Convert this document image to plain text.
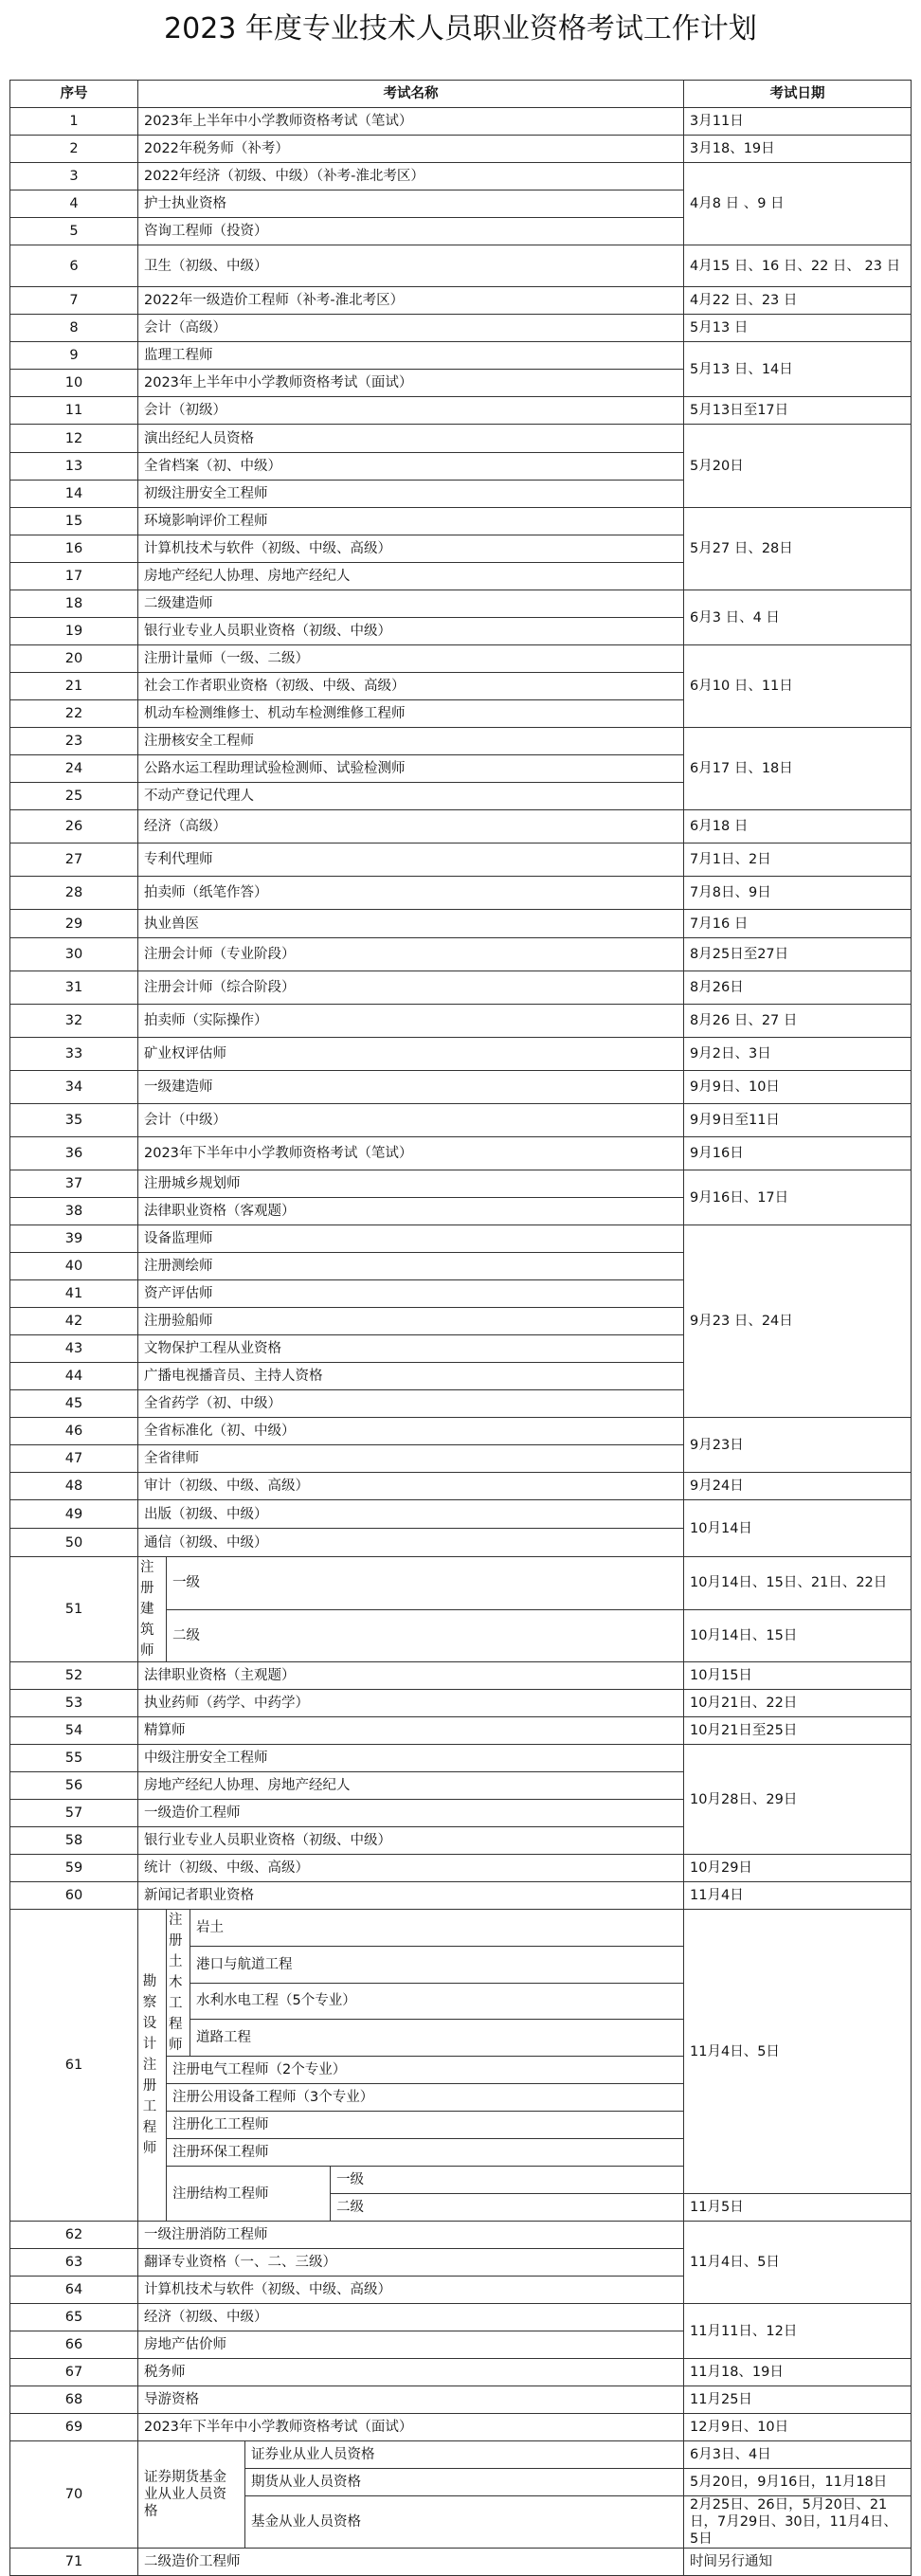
2023 年度专业技术人员职业资格考试工作计划
序号	考试名称					考试日期
1	2023年上半年中小学教师资格考试（笔试）					3月11日
2	2022年税务师（补考）					3月18、19日
3	2022年经济（初级、中级）（补考-淮北考区）					4月8 日 、9 日
4	护士执业资格					
5	咨询工程师（投资）					
6	卫生（初级、中级）					4月15 日、16 日、22 日、 23 日
7	2022年一级造价工程师（补考-淮北考区）					4月22 日、23 日
8	会计（高级）					5月13 日
9	监理工程师					5月13 日、14日
10	2023年上半年中小学教师资格考试（面试）					
11	会计（初级）					5月13日至17日
12	演出经纪人员资格					5月20日
13	全省档案（初、中级）					
14	初级注册安全工程师					
15	环境影响评价工程师					5月27 日、28日
16	计算机技术与软件（初级、中级、高级）					
17	房地产经纪人协理、房地产经纪人					
18	二级建造师					6月3 日、4 日
19	银行业专业人员职业资格（初级、中级）					
20	注册计量师（一级、二级）					6月10 日、11日
21	社会工作者职业资格（初级、中级、高级）					
22	机动车检测维修士、机动车检测维修工程师					
23	注册核安全工程师					6月17 日、18日
24	公路水运工程助理试验检测师、试验检测师					
25	不动产登记代理人					
26	经济（高级）					6月18 日
27	专利代理师					7月1日、2日
28	拍卖师（纸笔作答）					7月8日、9日
29	执业兽医					7月16 日
30	注册会计师（专业阶段）					8月25日至27日
31	注册会计师（综合阶段）					8月26日
32	拍卖师（实际操作）					8月26 日、27 日
33	矿业权评估师					9月2日、3日
34	一级建造师					9月9日、10日
35	会计（中级）					9月9日至11日
36	2023年下半年中小学教师资格考试（笔试）					9月16日
37	注册城乡规划师					9月16日、17日
38	法律职业资格（客观题）					
39	设备监理师					9月23 日、24日
40	注册测绘师					
41	资产评估师					
42	注册验船师					
43	文物保护工程从业资格					
44	广播电视播音员、主持人资格					
45	全省药学（初、中级）					
46	全省标准化（初、中级）					9月23日
47	全省律师					
48	审计（初级、中级、高级）					9月24日
49	出版（初级、中级）					10月14日
50	通信（初级、中级）					
51	注册建筑师	一级				10月14日、15日、21日、22日
		二级				10月14日、15日
52	法律职业资格（主观题）					10月15日
53	执业药师（药学、中药学）					10月21日、22日
54	精算师					10月21日至25日
55	中级注册安全工程师					10月28日、29日
56	房地产经纪人协理、房地产经纪人					
57	一级造价工程师					
58	银行业专业人员职业资格（初级、中级）					
59	统计（初级、中级、高级）					10月29日
60	新闻记者职业资格					11月4日
61	勘察设计注册工程师	注册土木工程师	岩土			11月4日、5日
			港口与航道工程			
			水利水电工程（5个专业）			
			道路工程			
		注册电气工程师（2个专业）				
		注册公用设备工程师（3个专业）				
		注册化工工程师				
		注册环保工程师				
		注册结构工程师			一级	
					二级	11月5日
62	一级注册消防工程师					11月4日、5日
63	翻译专业资格（一、二、三级）					
64	计算机技术与软件（初级、中级、高级）					
65	经济（初级、中级）					11月11日、12日
66	房地产估价师					
67	税务师					11月18、19日
68	导游资格					11月25日
69	2023年下半年中小学教师资格考试（面试）					12月9日、10日
70	证券期货基金业从业人员资格			证券业从业人员资格		6月3日、4日
				期货从业人员资格		5月20日，9月16日，11月18日
				基金从业人员资格		2月25日、26日，5月20日、21日，7月29日、30日，11月4日、5日
71	二级造价工程师					时间另行通知
